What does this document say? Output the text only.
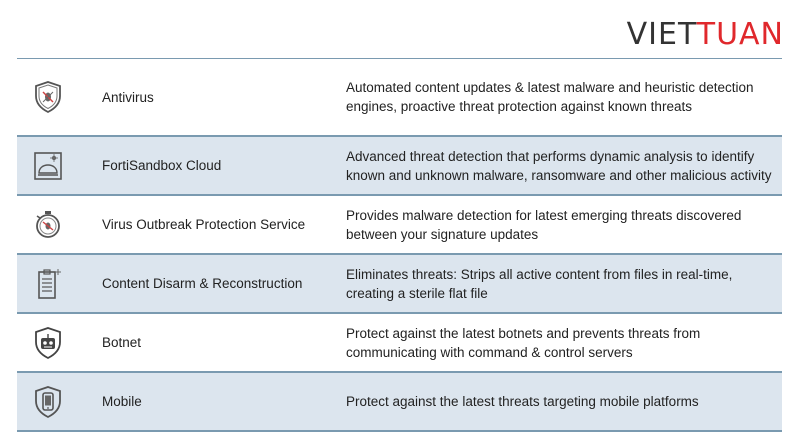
VIETTUAN
Antivirus
Automated content updates & latest malware and heuristic detection engines, proactive threat protection against known threats
FortiSandbox Cloud
Advanced threat detection that performs dynamic analysis to identify known and unknown malware, ransomware and other malicious activity
Virus Outbreak Protection Service
Provides malware detection for latest emerging threats discovered between your signature updates
Content Disarm & Reconstruction
Eliminates threats: Strips all active content from files in real-time, creating a sterile flat file
Botnet
Protect against the latest botnets and prevents threats from communicating with command & control servers
Mobile	Protect against the latest threats targeting mobile platforms
